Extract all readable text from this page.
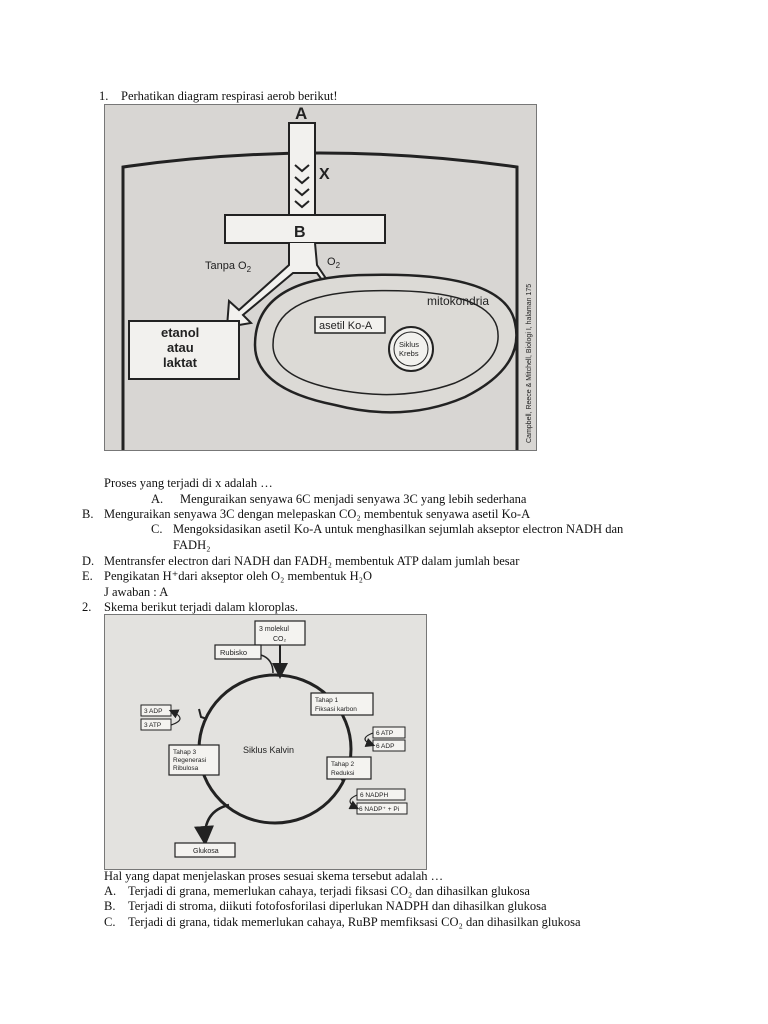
1. Perhatikan diagram respirasi aerob berikut!
A
X
B
Tanpa $O_2$
$O_2$
mitokondria
etanol
atau
laktat
asetil Ko-A
Siklus
Krebs	Campbell, Reece & Mitchell, Biologi I, halaman 175
Proses yang terjadi di x adalah …
A. Menguraikan senyawa 6C menjadi senyawa 3C yang lebih sederhana
B. Menguraikan senyawa 3C dengan melepaskan CO₂ membentuk senyawa asetil Ko-A
C. Mengoksidasikan asetil Ko-A untuk menghasilkan sejumlah akseptor electron NADH dan
FADH₂
D. Mentransfer electron dari NADH dan FADH₂ membentuk ATP dalam jumlah besar
E. Pengikatan H⁺dari akseptor oleh O₂ membentuk H₂O
J awaban : A
2. Skema berikut terjadi dalam kloroplas.
Siklus Kalvin
3 molekul
CO₂
Rubisko
Tahap 1
Fiksasi karbon
6 ATP
6 ADP
Tahap 2
Reduksi
6 NADPH
6 NADP⁺ + Pi
3 ADP
3 ATP
Tahap 3
Regenerasi
Ribulosa
Glukosa
Hal yang dapat menjelaskan proses sesuai skema tersebut adalah …
A. Terjadi di grana, memerlukan cahaya, terjadi fiksasi CO₂ dan dihasilkan glukosa
B. Terjadi di stroma, diikuti fotofosforilasi diperlukan NADPH dan dihasilkan glukosa
C. Terjadi di grana, tidak memerlukan cahaya, RuBP memfiksasi CO₂ dan dihasilkan glukosa
